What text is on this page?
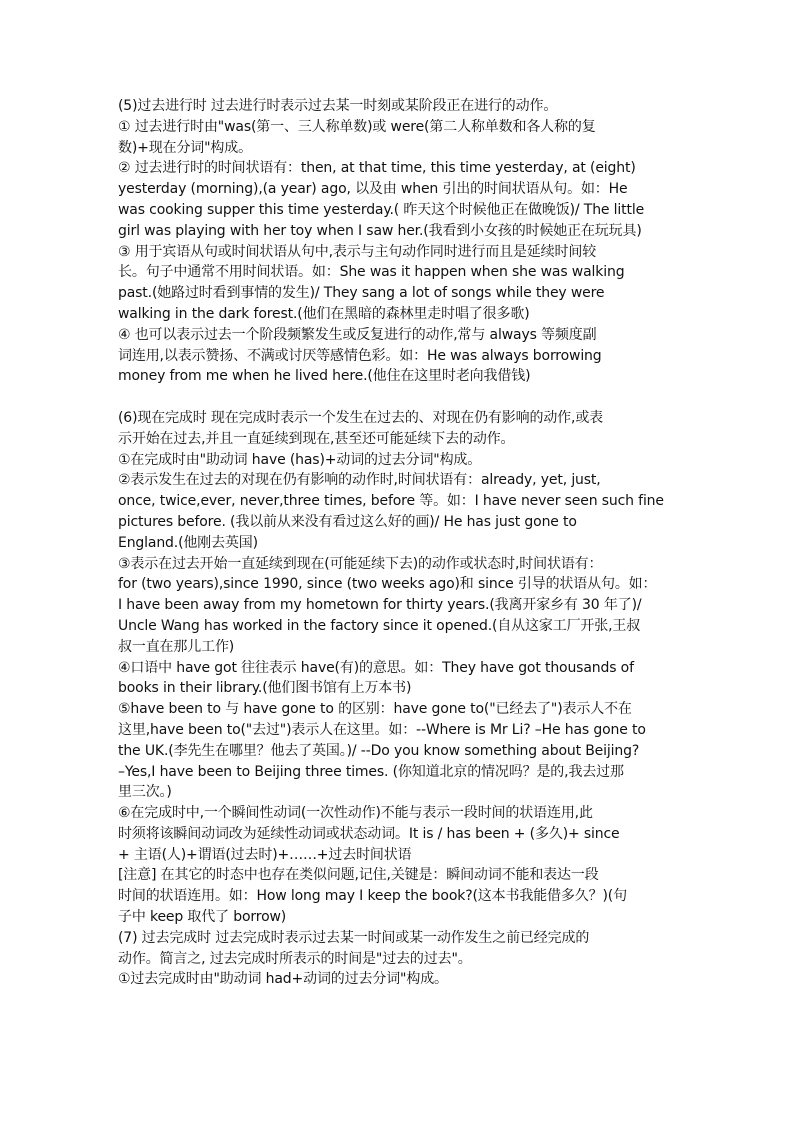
(5)过去进行时 过去进行时表示过去某一时刻或某阶段正在进行的动作。
① 过去进行时由"was(第一、三人称单数)或 were(第二人称单数和各人称的复
数)+现在分词"构成。
② 过去进行时的时间状语有：then, at that time, this time yesterday, at (eight)
yesterday (morning),(a year) ago, 以及由 when 引出的时间状语从句。如：He
was cooking supper this time yesterday.( 昨天这个时候他正在做晚饭)/ The little
girl was playing with her toy when I saw her.(我看到小女孩的时候她正在玩玩具)
③ 用于宾语从句或时间状语从句中,表示与主句动作同时进行而且是延续时间较
长。句子中通常不用时间状语。如：She was it happen when she was walking
past.(她路过时看到事情的发生)/ They sang a lot of songs while they were
walking in the dark forest.(他们在黑暗的森林里走时唱了很多歌)
④ 也可以表示过去一个阶段频繁发生或反复进行的动作,常与 always 等频度副
词连用,以表示赞扬、不满或讨厌等感情色彩。如：He was always borrowing
money from me when he lived here.(他住在这里时老向我借钱)
(6)现在完成时 现在完成时表示一个发生在过去的、对现在仍有影响的动作,或表
示开始在过去,并且一直延续到现在,甚至还可能延续下去的动作。
①在完成时由"助动词 have (has)+动词的过去分词"构成。
②表示发生在过去的对现在仍有影响的动作时,时间状语有：already, yet, just,
once, twice,ever, never,three times, before 等。如：I have never seen such fine
pictures before. (我以前从来没有看过这么好的画)/ He has just gone to
England.(他刚去英国)
③表示在过去开始一直延续到现在(可能延续下去)的动作或状态时,时间状语有：
for (two years),since 1990, since (two weeks ago)和 since 引导的状语从句。如：
I have been away from my hometown for thirty years.(我离开家乡有 30 年了)/
Uncle Wang has worked in the factory since it opened.(自从这家工厂开张,王叔
叔一直在那儿工作)
④口语中 have got 往往表示 have(有)的意思。如：They have got thousands of
books in their library.(他们图书馆有上万本书)
⑤have been to 与 have gone to 的区别：have gone to("已经去了")表示人不在
这里,have been to("去过")表示人在这里。如：--Where is Mr Li? –He has gone to
the UK.(李先生在哪里？他去了英国。)/ --Do you know something about Beijing?
–Yes,I have been to Beijing three times. (你知道北京的情况吗？是的,我去过那
里三次。)
⑥在完成时中,一个瞬间性动词(一次性动作)不能与表示一段时间的状语连用,此
时须将该瞬间动词改为延续性动词或状态动词。It is / has been + (多久)+ since
+ 主语(人)+谓语(过去时)+……+过去时间状语
[注意] 在其它的时态中也存在类似问题,记住,关键是：瞬间动词不能和表达一段
时间的状语连用。如：How long may I keep the book?(这本书我能借多久？)(句
子中 keep 取代了 borrow)
(7) 过去完成时 过去完成时表示过去某一时间或某一动作发生之前已经完成的
动作。简言之, 过去完成时所表示的时间是"过去的过去"。
①过去完成时由"助动词 had+动词的过去分词"构成。
